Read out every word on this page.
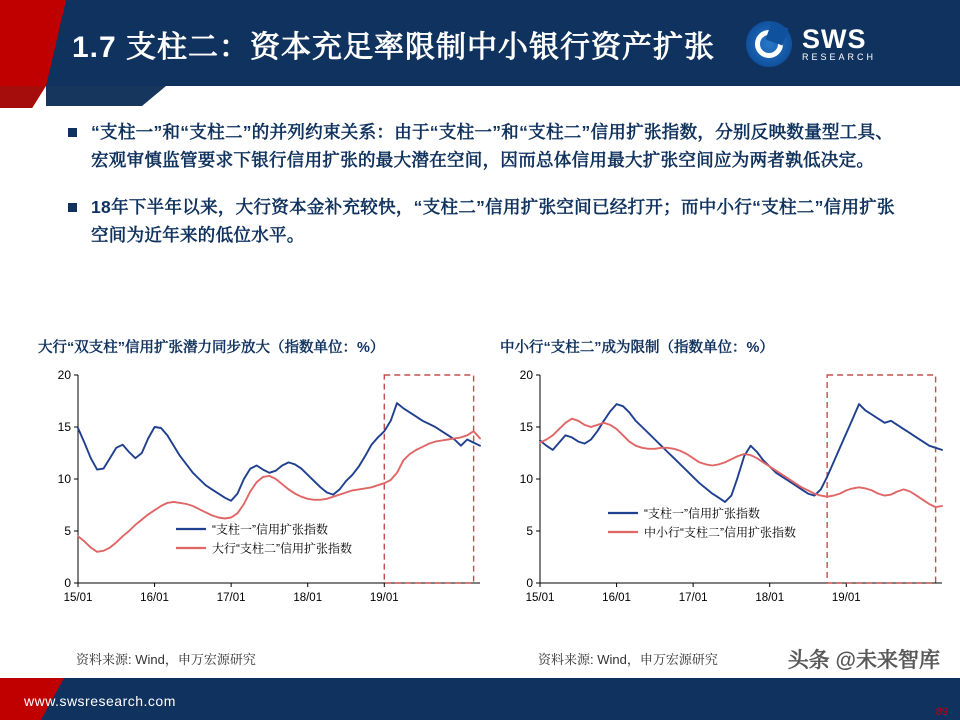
1.7 支柱二：资本充足率限制中小银行资产扩张	SWS
RESEARCH
“支柱一”和“支柱二”的并列约束关系：由于“支柱一”和“支柱二”信用扩张指数，分别反映数量型工具、宏观审慎监管要求下银行信用扩张的最大潜在空间，因而总体信用最大扩张空间应为两者孰低决定。
18年下半年以来，大行资本金补充较快，“支柱二”信用扩张空间已经打开；而中小行“支柱二”信用扩张空间为近年来的低位水平。
大行“双支柱”信用扩张潜力同步放大（指数单位：%）
0
5
10
15
20
15/01	16/01	17/01	18/01	19/01
“支柱一”信用扩张指数
大行“支柱二”信用扩张指数
资料来源: Wind，申万宏源研究
中小行“支柱二”成为限制（指数单位：%）
0
5
10
15
20
15/01	16/01	17/01	18/01	19/01
“支柱一”信用扩张指数
中小行“支柱二”信用扩张指数
资料来源: Wind，申万宏源研究	头条 @未来智库
www.swsresearch.com
89
